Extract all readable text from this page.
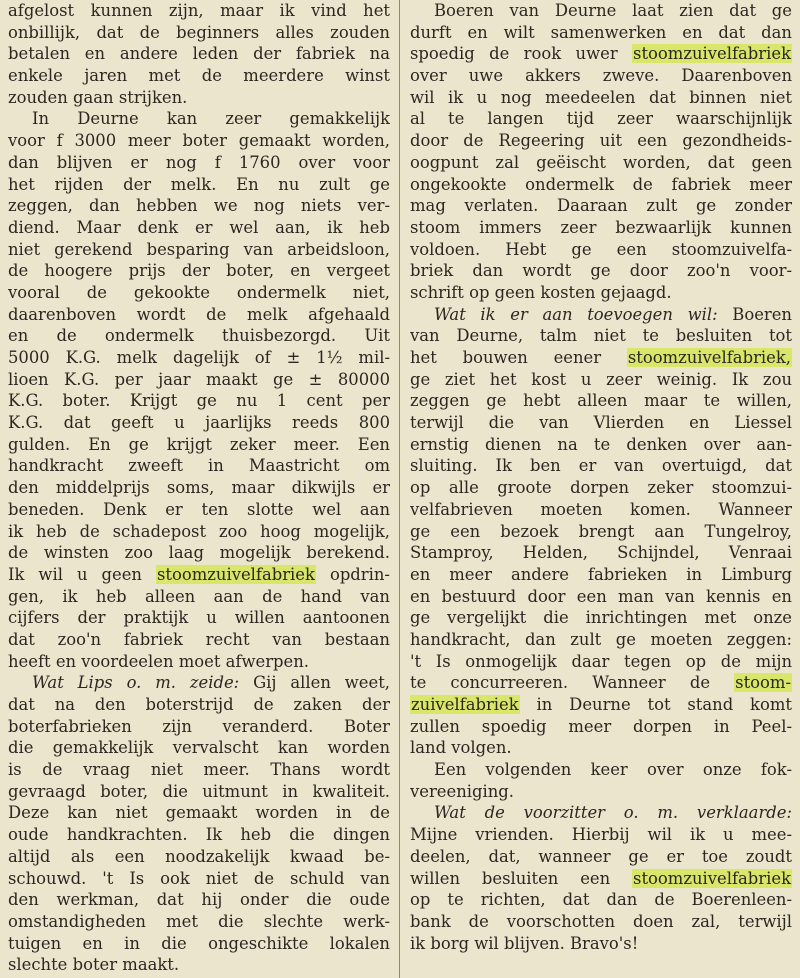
afgelost kunnen zijn, maar ik vind het
onbillijk, dat de beginners alles zouden
betalen en andere leden der fabriek na
enkele jaren met de meerdere winst
zouden gaan strijken.
In Deurne kan zeer gemakkelijk
voor f 3000 meer boter gemaakt worden,
dan blijven er nog f 1760 over voor
het rijden der melk. En nu zult ge
zeggen, dan hebben we nog niets ver-
diend. Maar denk er wel aan, ik heb
niet gerekend besparing van arbeidsloon,
de hoogere prijs der boter, en vergeet
vooral de gekookte ondermelk niet,
daarenboven wordt de melk afgehaald
en de ondermelk thuisbezorgd. Uit
5000 K.G. melk dagelijk of ± 1½ mil-
lioen K.G. per jaar maakt ge ± 80000
K.G. boter. Krijgt ge nu 1 cent per
K.G. dat geeft u jaarlijks reeds 800
gulden. En ge krijgt zeker meer. Een
handkracht zweeft in Maastricht om
den middelprijs soms, maar dikwijls er
beneden. Denk er ten slotte wel aan
ik heb de schadepost zoo hoog mogelijk,
de winsten zoo laag mogelijk berekend.
Ik wil u geen stoomzuivelfabriek opdrin-
gen, ik heb alleen aan de hand van
cijfers der praktijk u willen aantoonen
dat zoo'n fabriek recht van bestaan
heeft en voordeelen moet afwerpen.
Wat Lips o. m. zeide: Gij allen weet,
dat na den boterstrijd de zaken der
boterfabrieken zijn veranderd. Boter
die gemakkelijk vervalscht kan worden
is de vraag niet meer. Thans wordt
gevraagd boter, die uitmunt in kwaliteit.
Deze kan niet gemaakt worden in de
oude handkrachten. Ik heb die dingen
altijd als een noodzakelijk kwaad be-
schouwd. 't Is ook niet de schuld van
den werkman, dat hij onder die oude
omstandigheden met die slechte werk-
tuigen en in die ongeschikte lokalen
slechte boter maakt.
Boeren van Deurne laat zien dat ge
durft en wilt samenwerken en dat dan
spoedig de rook uwer stoomzuivelfabriek
over uwe akkers zweve. Daarenboven
wil ik u nog meedeelen dat binnen niet
al te langen tijd zeer waarschijnlijk
door de Regeering uit een gezondheids-
oogpunt zal geëischt worden, dat geen
ongekookte ondermelk de fabriek meer
mag verlaten. Daaraan zult ge zonder
stoom immers zeer bezwaarlijk kunnen
voldoen. Hebt ge een stoomzuivelfa-
briek dan wordt ge door zoo'n voor-
schrift op geen kosten gejaagd.
Wat ik er aan toevoegen wil: Boeren
van Deurne, talm niet te besluiten tot
het bouwen eener stoomzuivelfabriek,
ge ziet het kost u zeer weinig. Ik zou
zeggen ge hebt alleen maar te willen,
terwijl die van Vlierden en Liessel
ernstig dienen na te denken over aan-
sluiting. Ik ben er van overtuigd, dat
op alle groote dorpen zeker stoomzui-
velfabrieven moeten komen. Wanneer
ge een bezoek brengt aan Tungelroy,
Stamproy, Helden, Schijndel, Venraai
en meer andere fabrieken in Limburg
en bestuurd door een man van kennis en
ge vergelijkt die inrichtingen met onze
handkracht, dan zult ge moeten zeggen:
't Is onmogelijk daar tegen op de mijn
te concurreeren. Wanneer de stoom-
zuivelfabriek in Deurne tot stand komt
zullen spoedig meer dorpen in Peel-
land volgen.
Een volgenden keer over onze fok-
vereeniging.
Wat de voorzitter o. m. verklaarde:
Mijne vrienden. Hierbij wil ik u mee-
deelen, dat, wanneer ge er toe zoudt
willen besluiten een stoomzuivelfabriek
op te richten, dat dan de Boerenleen-
bank de voorschotten doen zal, terwijl
ik borg wil blijven. Bravo's!
